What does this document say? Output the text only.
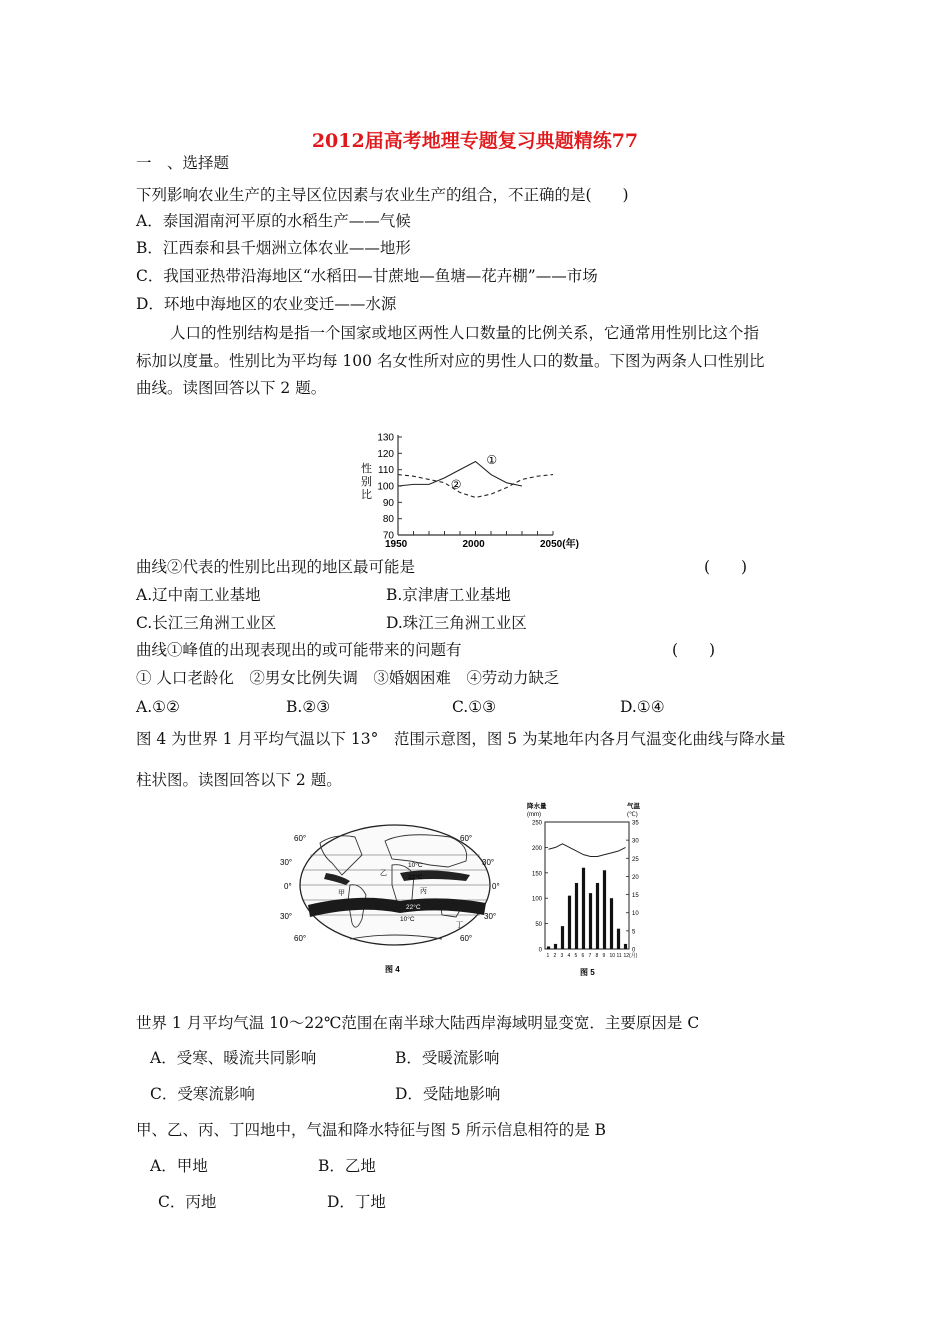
2012届高考地理专题复习典题精练77
一　、选择题
下列影响农业生产的主导区位因素与农业生产的组合，不正确的是(　　)
A．泰国湄南河平原的水稻生产——气候
B．江西泰和县千烟洲立体农业——地形
C．我国亚热带沿海地区“水稻田—甘蔗地—鱼塘—花卉棚”——市场
D．环地中海地区的农业变迁——水源
人口的性别结构是指一个国家或地区两性人口数量的比例关系，它通常用性别比这个指
标加以度量。性别比为平均每 100 名女性所对应的男性人口的数量。下图为两条人口性别比
曲线。读图回答以下 2 题。
130
120
110
100
90
80
70
1950	2000	2050(年)
性
别
比
①
②
曲线②代表的性别比出现的地区最可能是	(　　)
A.辽中南工业基地	B.京津唐工业基地
C.长江三角洲工业区	D.珠江三角洲工业区
曲线①峰值的出现表现出的或可能带来的问题有	(　　)
① 人口老龄化　②男女比例失调　③婚姻困难　④劳动力缺乏
A.①②	B.②③	C.①③	D.①④
图 4 为世界 1 月平均气温以下 13°　范围示意图，图 5 为某地年内各月气温变化曲线与降水量
柱状图。读图回答以下 2 题。
60°	60°
30°	30°
0°	0°
30°	30°
60°	60°
甲
乙
丙
丁
10°C
22°C
22°C
10°C
图 4
降水量
(mm)
气温
(℃)
250
200
150
100
50
0
35
30
25
20
15
10
5
0
1 2 3 4 5 6 7 8 9 10 11 12(月)
图 5
世界 1 月平均气温 10～22℃范围在南半球大陆西岸海域明显变宽．主要原因是 C
A．受寒、暖流共同影响	B．受暖流影响
C．受寒流影响	D．受陆地影响
甲、乙、丙、丁四地中，气温和降水特征与图 5 所示信息相符的是 B
A．甲地	B．乙地
C．丙地	D．丁地
